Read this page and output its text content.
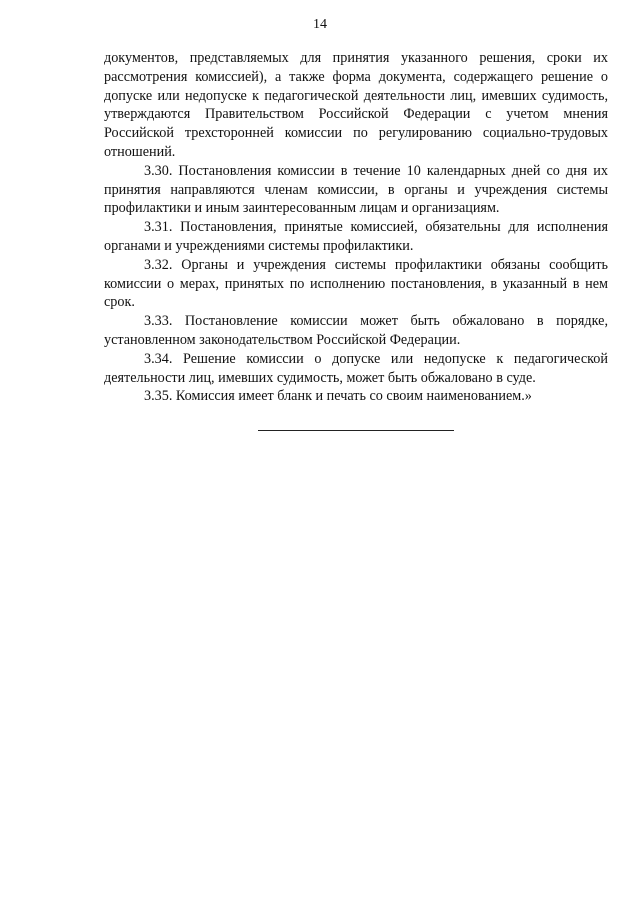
14

документов, представляемых для принятия указанного решения, сроки их рассмотрения комиссией), а также форма документа, содержащего решение о допуске или недопуске к педагогической деятельности лиц, имевших судимость, утверждаются Правительством Российской Федерации с учетом мнения Российской трехсторонней комиссии по регулированию социально-трудовых отношений.

3.30. Постановления комиссии в течение 10 календарных дней со дня их принятия направляются членам комиссии, в органы и учреждения системы профилактики и иным заинтересованным лицам и организациям.

3.31. Постановления, принятые комиссией, обязательны для исполнения органами и учреждениями системы профилактики.

3.32. Органы и учреждения системы профилактики обязаны сообщить комиссии о мерах, принятых по исполнению постановления, в указанный в нем срок.

3.33. Постановление комиссии может быть обжаловано в порядке, установленном законодательством Российской Федерации.

3.34. Решение комиссии о допуске или недопуске к педагогической деятельности лиц, имевших судимость, может быть обжаловано в суде.

3.35. Комиссия имеет бланк и печать со своим наименованием.»
